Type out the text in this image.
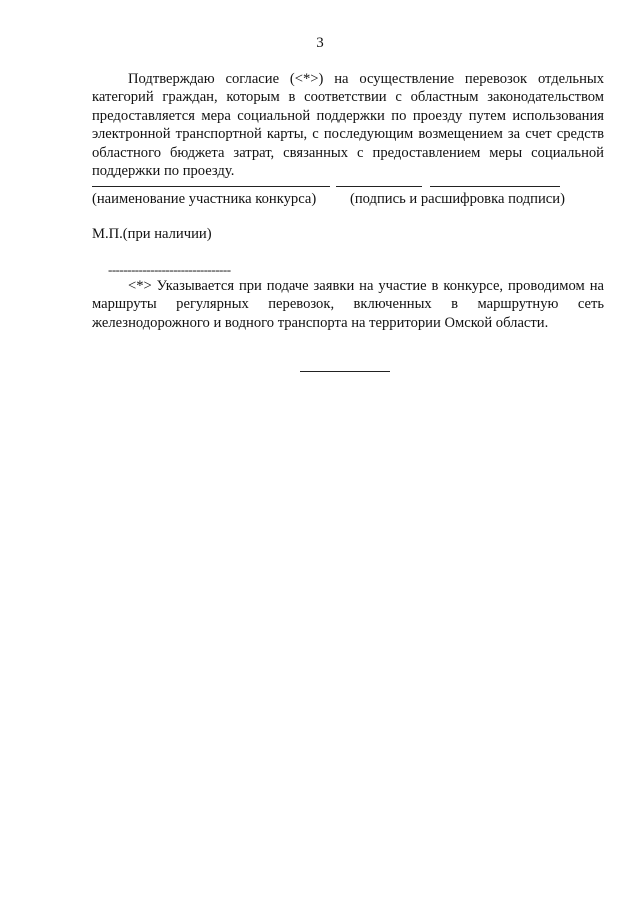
3

Подтверждаю согласие (<*>) на осуществление перевозок отдельных категорий граждан, которым в соответствии с областным законодательством предоставляется мера социальной поддержки по проезду путем использования электронной транспортной карты, с последующим возмещением за счет средств областного бюджета затрат, связанных с предоставлением меры социальной поддержки по проезду.

(наименование участника конкурса) (подпись и расшифровка подписи)
М.П.(при наличии)
--------------------------------

<*> Указывается при подаче заявки на участие в конкурсе, проводимом на маршруты регулярных перевозок, включенных в маршрутную сеть железнодорожного и водного транспорта на территории Омской области.
